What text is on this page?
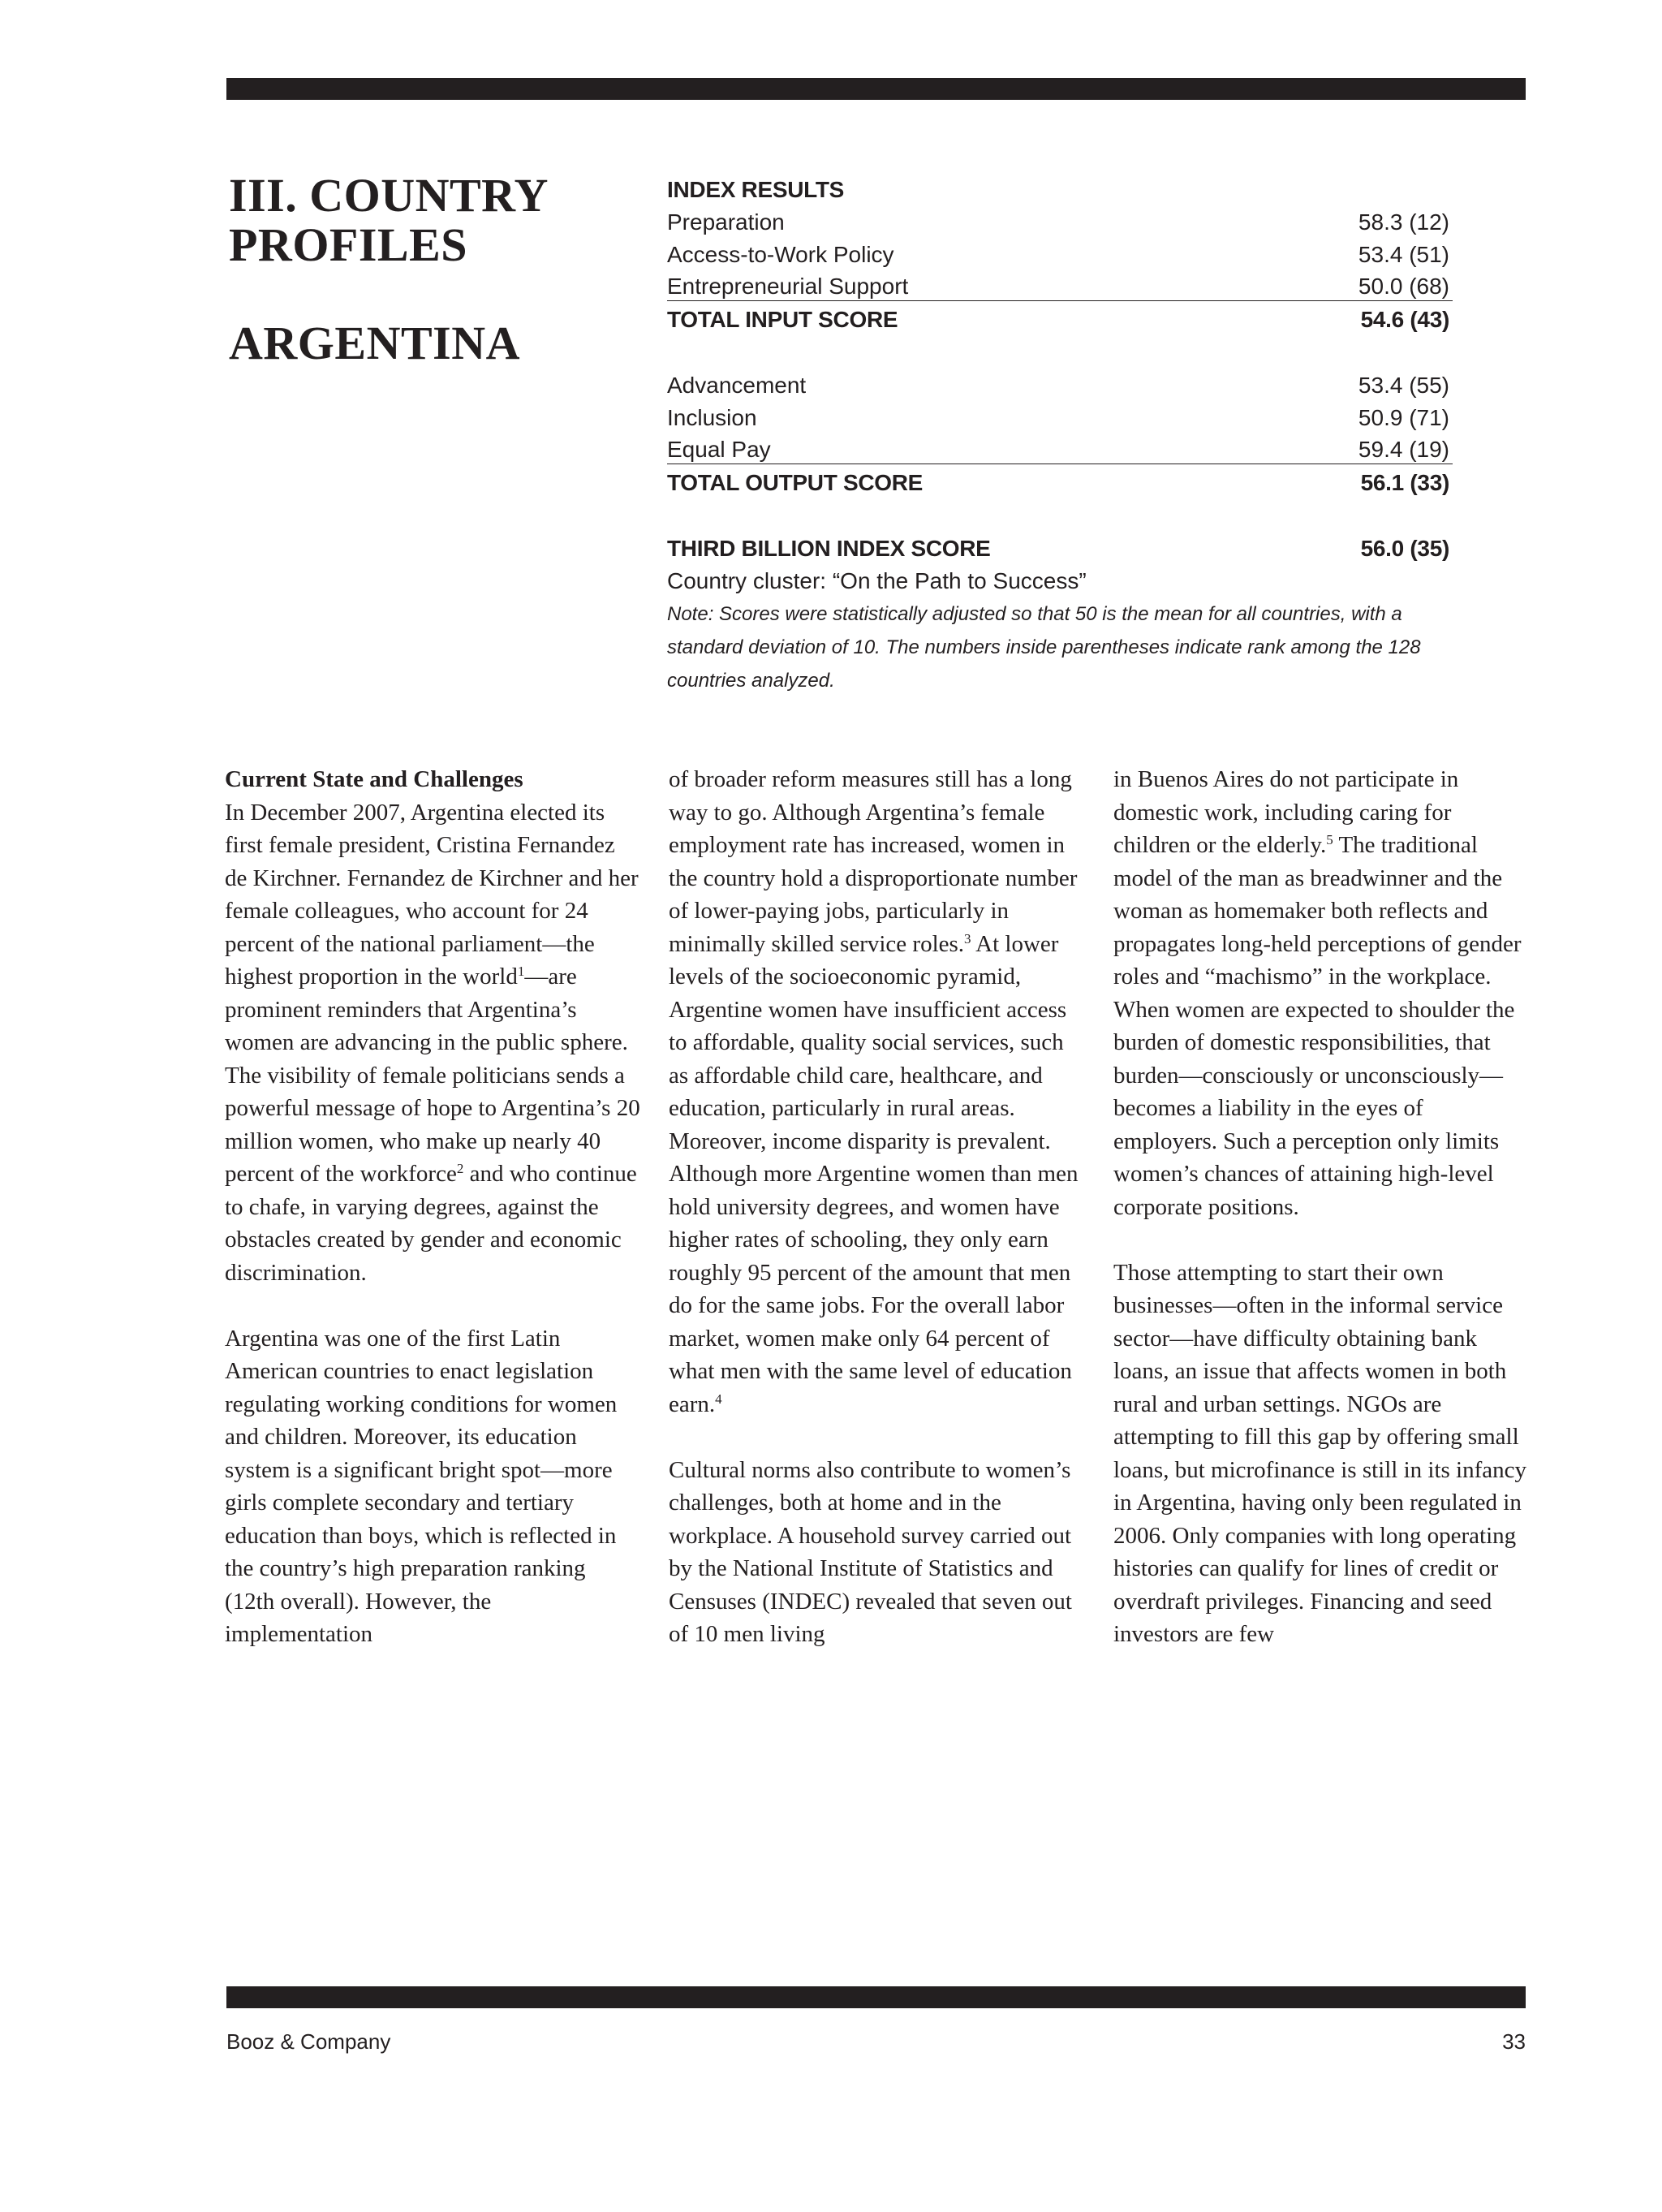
III. COUNTRY PROFILES
ARGENTINA
INDEX RESULTS
Preparation	58.3 (12)
Access-to-Work Policy	53.4 (51)
Entrepreneurial Support	50.0 (68)
TOTAL INPUT SCORE	54.6 (43)
Advancement	53.4 (55)
Inclusion	50.9 (71)
Equal Pay	59.4 (19)
TOTAL OUTPUT SCORE	56.1 (33)
THIRD BILLION INDEX SCORE	56.0 (35)
Country cluster: “On the Path to Success”
Note: Scores were statistically adjusted so that 50 is the mean for all countries, with a standard deviation of 10. The numbers inside parentheses indicate rank among the 128 countries analyzed.
Current State and Challenges

In December 2007, Argentina elected its first female president, Cristina Fernandez de Kirchner. Fernandez de Kirchner and her female colleagues, who account for 24 percent of the national parliament—the highest proportion in the world$^1$—are prominent reminders that Argentina’s women are advancing in the public sphere. The visibility of female politicians sends a powerful message of hope to Argentina’s 20 million women, who make up nearly 40 percent of the workforce$^2$ and who continue to chafe, in varying degrees, against the obstacles created by gender and economic discrimination.

Argentina was one of the first Latin American countries to enact legislation regulating working conditions for women and children. Moreover, its education system is a significant bright spot—more girls complete secondary and tertiary education than boys, which is reflected in the country’s high preparation ranking (12th overall). However, the implementation

of broader reform measures still has a long way to go. Although Argentina’s female employment rate has increased, women in the country hold a disproportionate number of lower-paying jobs, particularly in minimally skilled service roles.$^3$ At lower levels of the socioeconomic pyramid, Argentine women have insufficient access to affordable, quality social services, such as affordable child care, healthcare, and education, particularly in rural areas. Moreover, income disparity is prevalent. Although more Argentine women than men hold university degrees, and women have higher rates of schooling, they only earn roughly 95 percent of the amount that men do for the same jobs. For the overall labor market, women make only 64 percent of what men with the same level of education earn.$^4$

Cultural norms also contribute to women’s challenges, both at home and in the workplace. A household survey carried out by the National Institute of Statistics and Censuses (INDEC) revealed that seven out of 10 men living

in Buenos Aires do not participate in domestic work, including caring for children or the elderly.$^5$ The traditional model of the man as breadwinner and the woman as homemaker both reflects and propagates long-held perceptions of gender roles and “machismo” in the workplace. When women are expected to shoulder the burden of domestic responsibilities, that burden—consciously or unconsciously—becomes a liability in the eyes of employers. Such a perception only limits women’s chances of attaining high-level corporate positions.

Those attempting to start their own businesses—often in the informal service sector—have difficulty obtaining bank loans, an issue that affects women in both rural and urban settings. NGOs are attempting to fill this gap by offering small loans, but microfinance is still in its infancy in Argentina, having only been regulated in 2006. Only companies with long operating histories can qualify for lines of credit or overdraft privileges. Financing and seed investors are few

Booz & Company	33
